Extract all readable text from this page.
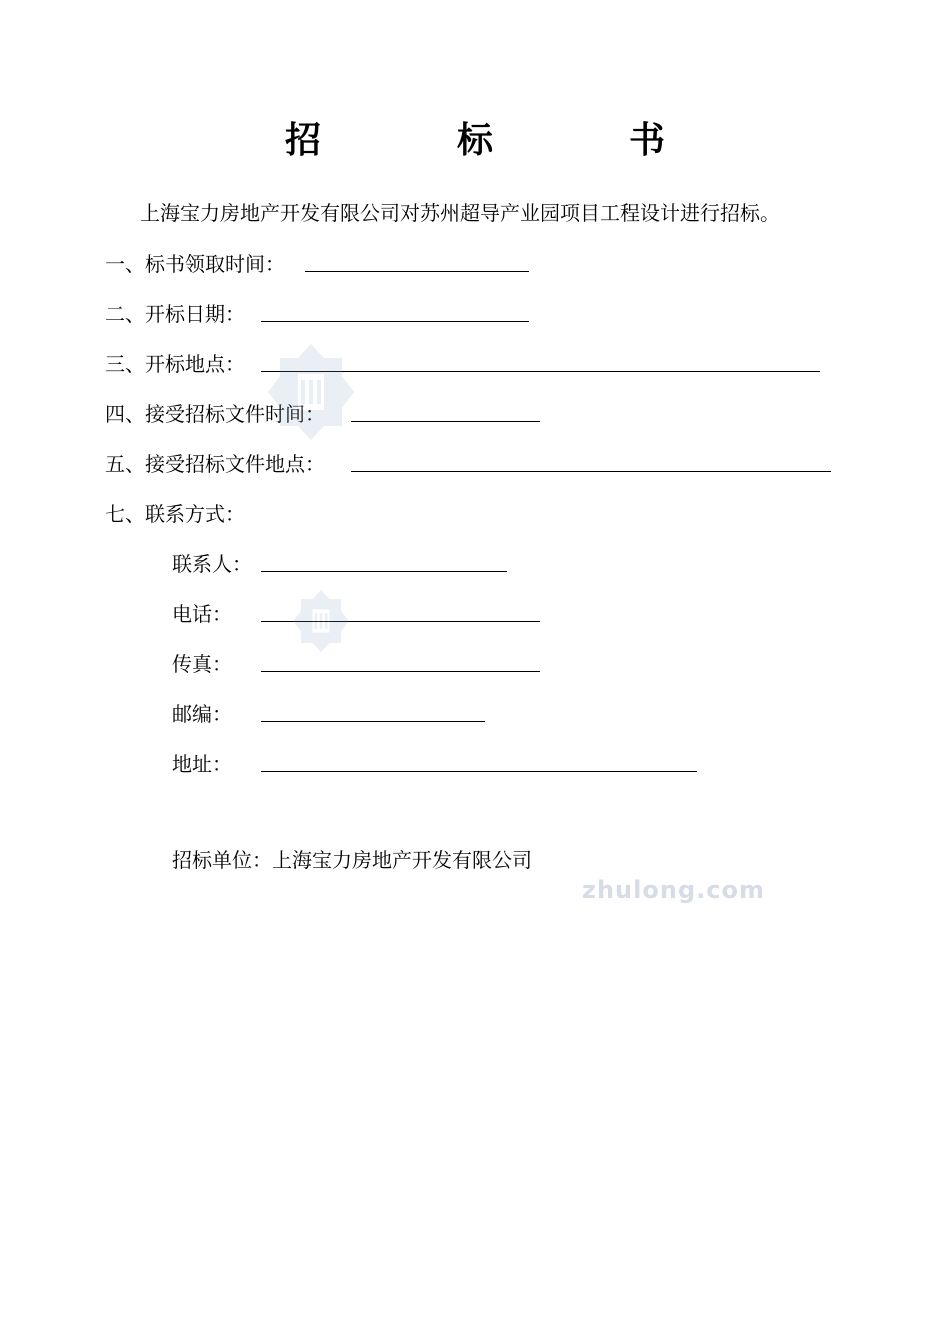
招　标　书
上海宝力房地产开发有限公司对苏州超导产业园项目工程设计进行招标。
一、标书领取时间：
二、开标日期：
三、开标地点：
四、接受招标文件时间：
五、接受招标文件地点：
七、联系方式：
联系人：
电话：
传真：
邮编：
地址：
招标单位：上海宝力房地产开发有限公司
zhulong.com
